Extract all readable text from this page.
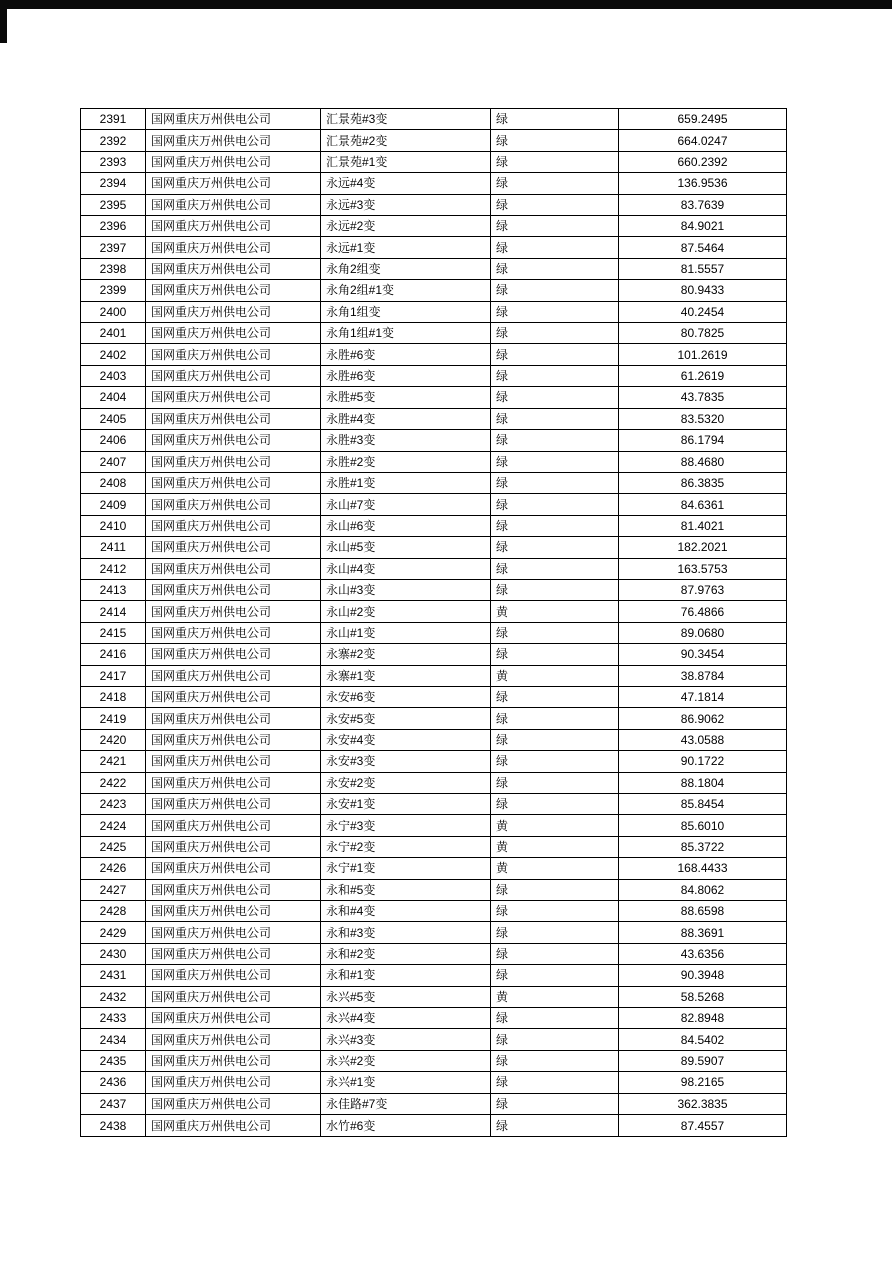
2391	国网重庆万州供电公司	汇景苑#3变	绿	659.2495
2392	国网重庆万州供电公司	汇景苑#2变	绿	664.0247
2393	国网重庆万州供电公司	汇景苑#1变	绿	660.2392
2394	国网重庆万州供电公司	永远#4变	绿	136.9536
2395	国网重庆万州供电公司	永远#3变	绿	83.7639
2396	国网重庆万州供电公司	永远#2变	绿	84.9021
2397	国网重庆万州供电公司	永远#1变	绿	87.5464
2398	国网重庆万州供电公司	永角2组变	绿	81.5557
2399	国网重庆万州供电公司	永角2组#1变	绿	80.9433
2400	国网重庆万州供电公司	永角1组变	绿	40.2454
2401	国网重庆万州供电公司	永角1组#1变	绿	80.7825
2402	国网重庆万州供电公司	永胜#6变	绿	101.2619
2403	国网重庆万州供电公司	永胜#6变	绿	61.2619
2404	国网重庆万州供电公司	永胜#5变	绿	43.7835
2405	国网重庆万州供电公司	永胜#4变	绿	83.5320
2406	国网重庆万州供电公司	永胜#3变	绿	86.1794
2407	国网重庆万州供电公司	永胜#2变	绿	88.4680
2408	国网重庆万州供电公司	永胜#1变	绿	86.3835
2409	国网重庆万州供电公司	永山#7变	绿	84.6361
2410	国网重庆万州供电公司	永山#6变	绿	81.4021
2411	国网重庆万州供电公司	永山#5变	绿	182.2021
2412	国网重庆万州供电公司	永山#4变	绿	163.5753
2413	国网重庆万州供电公司	永山#3变	绿	87.9763
2414	国网重庆万州供电公司	永山#2变	黄	76.4866
2415	国网重庆万州供电公司	永山#1变	绿	89.0680
2416	国网重庆万州供电公司	永寨#2变	绿	90.3454
2417	国网重庆万州供电公司	永寨#1变	黄	38.8784
2418	国网重庆万州供电公司	永安#6变	绿	47.1814
2419	国网重庆万州供电公司	永安#5变	绿	86.9062
2420	国网重庆万州供电公司	永安#4变	绿	43.0588
2421	国网重庆万州供电公司	永安#3变	绿	90.1722
2422	国网重庆万州供电公司	永安#2变	绿	88.1804
2423	国网重庆万州供电公司	永安#1变	绿	85.8454
2424	国网重庆万州供电公司	永宁#3变	黄	85.6010
2425	国网重庆万州供电公司	永宁#2变	黄	85.3722
2426	国网重庆万州供电公司	永宁#1变	黄	168.4433
2427	国网重庆万州供电公司	永和#5变	绿	84.8062
2428	国网重庆万州供电公司	永和#4变	绿	88.6598
2429	国网重庆万州供电公司	永和#3变	绿	88.3691
2430	国网重庆万州供电公司	永和#2变	绿	43.6356
2431	国网重庆万州供电公司	永和#1变	绿	90.3948
2432	国网重庆万州供电公司	永兴#5变	黄	58.5268
2433	国网重庆万州供电公司	永兴#4变	绿	82.8948
2434	国网重庆万州供电公司	永兴#3变	绿	84.5402
2435	国网重庆万州供电公司	永兴#2变	绿	89.5907
2436	国网重庆万州供电公司	永兴#1变	绿	98.2165
2437	国网重庆万州供电公司	永佳路#7变	绿	362.3835
2438	国网重庆万州供电公司	水竹#6变	绿	87.4557
